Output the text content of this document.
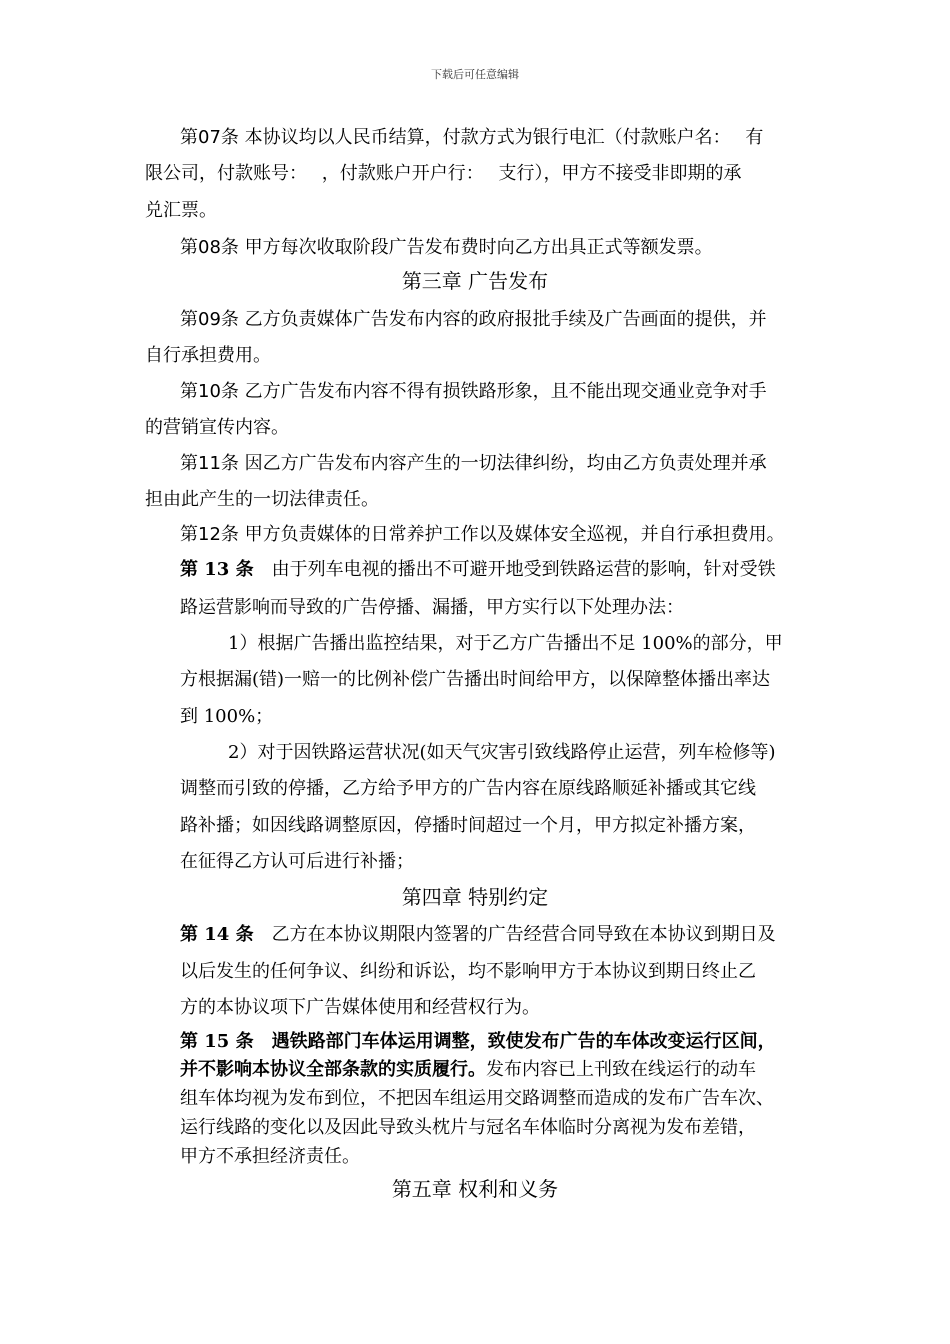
下载后可任意编辑
第07条 本协议均以人民币结算，付款方式为银行电汇（付款账户名：　 有
限公司，付款账号：　 ，付款账户开户行：　 支行），甲方不接受非即期的承
兑汇票。
第08条 甲方每次收取阶段广告发布费时向乙方出具正式等额发票。
第09条 乙方负责媒体广告发布内容的政府报批手续及广告画面的提供，并
自行承担费用。
第10条 乙方广告发布内容不得有损铁路形象，且不能出现交通业竞争对手
的营销宣传内容。
第11条 因乙方广告发布内容产生的一切法律纠纷，均由乙方负责处理并承
担由此产生的一切法律责任。
第12条 甲方负责媒体的日常养护工作以及媒体安全巡视，并自行承担费用。
第 13 条　由于列车电视的播出不可避开地受到铁路运营的影响，针对受铁
路运营影响而导致的广告停播、漏播，甲方实行以下处理办法：
1）根据广告播出监控结果，对于乙方广告播出不足 100%的部分，甲
方根据漏(错)一赔一的比例补偿广告播出时间给甲方，以保障整体播出率达
到 100%；
2）对于因铁路运营状况(如天气灾害引致线路停止运营，列车检修等)
调整而引致的停播，乙方给予甲方的广告内容在原线路顺延补播或其它线
路补播；如因线路调整原因，停播时间超过一个月，甲方拟定补播方案，
在征得乙方认可后进行补播；
第 14 条　乙方在本协议期限内签署的广告经营合同导致在本协议到期日及
以后发生的任何争议、纠纷和诉讼，均不影响甲方于本协议到期日终止乙
方的本协议项下广告媒体使用和经营权行为。
第 15 条　遇铁路部门车体运用调整，致使发布广告的车体改变运行区间，
并不影响本协议全部条款的实质履行。发布内容已上刊致在线运行的动车
组车体均视为发布到位，不把因车组运用交路调整而造成的发布广告车次、
运行线路的变化以及因此导致头枕片与冠名车体临时分离视为发布差错，
甲方不承担经济责任。
第三章 广告发布
第四章 特别约定
第五章 权利和义务
